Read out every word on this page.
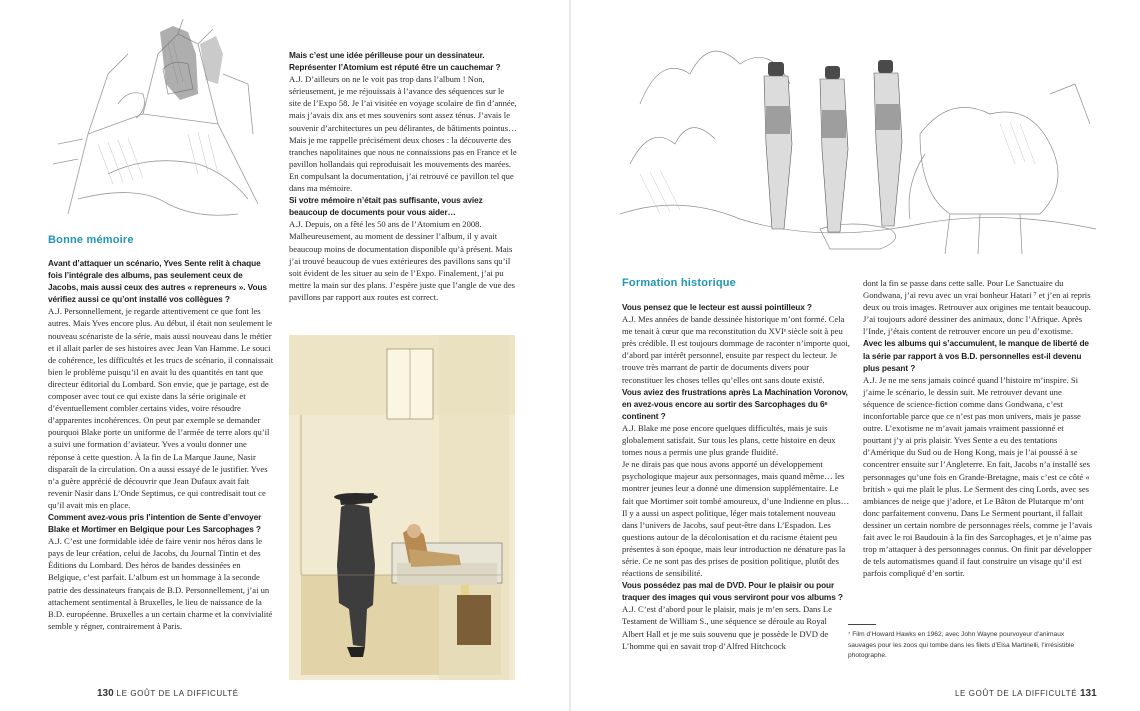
Bonne mémoire

Avant d’attaquer un scénario, Yves Sente relit à chaque fois l’intégrale des albums, pas seulement ceux de Jacobs, mais aussi ceux des autres « repreneurs ». Vous vérifiez aussi ce qu’ont installé vos collègues ?

A.J. Personnellement, je regarde attentivement ce que font les autres. Mais Yves encore plus. Au début, il était non seulement le nouveau scénariste de la série, mais aussi nouveau dans le métier et il allait parler de ses histoires avec Jean Van Hamme. Le souci de cohérence, les difficultés et les trucs de scénario, il connaissait bien le problème puisqu’il en avait lu des quantités en tant que directeur éditorial du Lombard. Son envie, que je partage, est de composer avec tout ce qui existe dans la série originale et d’éventuellement combler certains vides, voire résoudre d’apparentes incohérences. On peut par exemple se demander pourquoi Blake porte un uniforme de l’armée de terre alors qu’il a suivi une formation d’aviateur. Yves a voulu donner une réponse à cette question. À la fin de La Marque Jaune, Nasir disparaît de la circulation. On a aussi essayé de le justifier. Yves n’a guère apprécié de découvrir que Jean Dufaux avait fait revenir Nasir dans L’Onde Septimus, ce qui contredisait tout ce qu’il avait mis en place.

Comment avez-vous pris l’intention de Sente d’envoyer Blake et Mortimer en Belgique pour Les Sarcophages ?

A.J. C’est une formidable idée de faire venir nos héros dans le pays de leur création, celui de Jacobs, du Journal Tintin et des Éditions du Lombard. Des héros de bandes dessinées en Belgique, c’est parfait. L’album est un hommage à la seconde patrie des dessinateurs français de B.D. Personnellement, j’ai un attachement sentimental à Bruxelles, le lieu de naissance de la B.D. européenne. Bruxelles a un certain charme et la convivialité semble y régner, contrairement à Paris.

Mais c’est une idée périlleuse pour un dessinateur. Représenter l’Atomium est réputé être un cauchemar ?

A.J. D’ailleurs on ne le voit pas trop dans l’album ! Non, sérieusement, je me réjouissais à l’avance des séquences sur le site de l’Expo 58. Je l’ai visitée en voyage scolaire de fin d’année, mais j’avais dix ans et mes souvenirs sont assez ténus. J’avais le souvenir d’architectures un peu délirantes, de bâtiments pointus… Mais je me rappelle précisément deux choses : la découverte des tranches napolitaines que nous ne connaissions pas en France et le pavillon hollandais qui reproduisait les mouvements des marées. En compulsant la documentation, j’ai retrouvé ce pavillon tel que dans ma mémoire.

Si votre mémoire n’était pas suffisante, vous aviez beaucoup de documents pour vous aider…

A.J. Depuis, on a fêté les 50 ans de l’Atomium en 2008. Malheureusement, au moment de dessiner l’album, il y avait beaucoup moins de documentation disponible qu’à présent. Mais j’ai trouvé beaucoup de vues extérieures des pavillons sans qu’il soit évident de les situer au sein de l’Expo. Finalement, j’ai pu mettre la main sur des plans. J’espère juste que l’angle de vue des pavillons par rapport aux routes est correct.

130 LE GOÛT DE LA DIFFICULTÉ
Formation historique

Vous pensez que le lecteur est aussi pointilleux ?

A.J. Mes années de bande dessinée historique m’ont formé. Cela me tenait à cœur que ma reconstitution du XVIᵉ siècle soit à peu près crédible. Il est toujours dommage de raconter n’importe quoi, d’abord par intérêt personnel, ensuite par respect du lecteur. Je trouve très marrant de partir de documents divers pour reconstituer les choses telles qu’elles ont sans doute existé.

Vous aviez des frustrations après La Machination Voronov, en avez-vous encore au sortir des Sarcophages du 6ᵉ continent ?

A.J. Blake me pose encore quelques difficultés, mais je suis globalement satisfait. Sur tous les plans, cette histoire en deux tomes nous a permis une plus grande fluidité.

Je ne dirais pas que nous avons apporté un développement psychologique majeur aux personnages, mais quand même… les montrer jeunes leur a donné une dimension supplémentaire. Le fait que Mortimer soit tombé amoureux, d’une Indienne en plus… Il y a aussi un aspect politique, léger mais totalement nouveau dans l’univers de Jacobs, sauf peut-être dans L’Espadon. Les questions autour de la décolonisation et du racisme étaient peu présentes à son époque, mais leur introduction ne dénature pas la série. Ce ne sont pas des prises de position politique, plutôt des réactions de sensibilité.

Vous possédez pas mal de DVD. Pour le plaisir ou pour traquer des images qui vous serviront pour vos albums ?

A.J. C’est d’abord pour le plaisir, mais je m’en sers. Dans Le Testament de William S., une séquence se déroule au Royal Albert Hall et je me suis souvenu que je possède le DVD de L’homme qui en savait trop d’Alfred Hitchcock

dont la fin se passe dans cette salle. Pour Le Sanctuaire du Gondwana, j’ai revu avec un vrai bonheur Hatari ⁷ et j’en ai repris deux ou trois images. Retrouver aux origines me tentait beaucoup. J’ai toujours adoré dessiner des animaux, donc l’Afrique. Après l’Inde, j’étais content de retrouver encore un peu d’exotisme.

Avec les albums qui s’accumulent, le manque de liberté de la série par rapport à vos B.D. personnelles est-il devenu plus pesant ?

A.J. Je ne me sens jamais coincé quand l’histoire m’inspire. Si j’aime le scénario, le dessin suit. Me retrouver devant une séquence de science-fiction comme dans Gondwana, c’est inconfortable parce que ce n’est pas mon univers, mais je passe outre. L’exotisme ne m’avait jamais vraiment passionné et pourtant j’y ai pris plaisir. Yves Sente a eu des tentations d’Amérique du Sud ou de Hong Kong, mais je l’ai poussé à se concentrer ensuite sur l’Angleterre. En fait, Jacobs n’a installé ses personnages qu’une fois en Grande-Bretagne, mais c’est ce côté « british » qui me plaît le plus. Le Serment des cinq Lords, avec ses ambiances de neige que j’adore, et Le Bâton de Plutarque m’ont donc parfaitement convenu. Dans Le Serment pourtant, il fallait dessiner un certain nombre de personnages réels, comme je l’avais fait avec le roi Baudouin à la fin des Sarcophages, et je n’aime pas trop m’attaquer à des personnages connus. On finit par développer de tels automatismes quand il faut construire un visage qu’il est parfois compliqué d’en sortir.

⁷ Film d’Howard Hawks en 1962, avec John Wayne pourvoyeur d’animaux sauvages pour les zoos qui tombe dans les filets d’Elsa Martinelli, l’irrésistible photographe.
LE GOÛT DE LA DIFFICULTÉ 131
